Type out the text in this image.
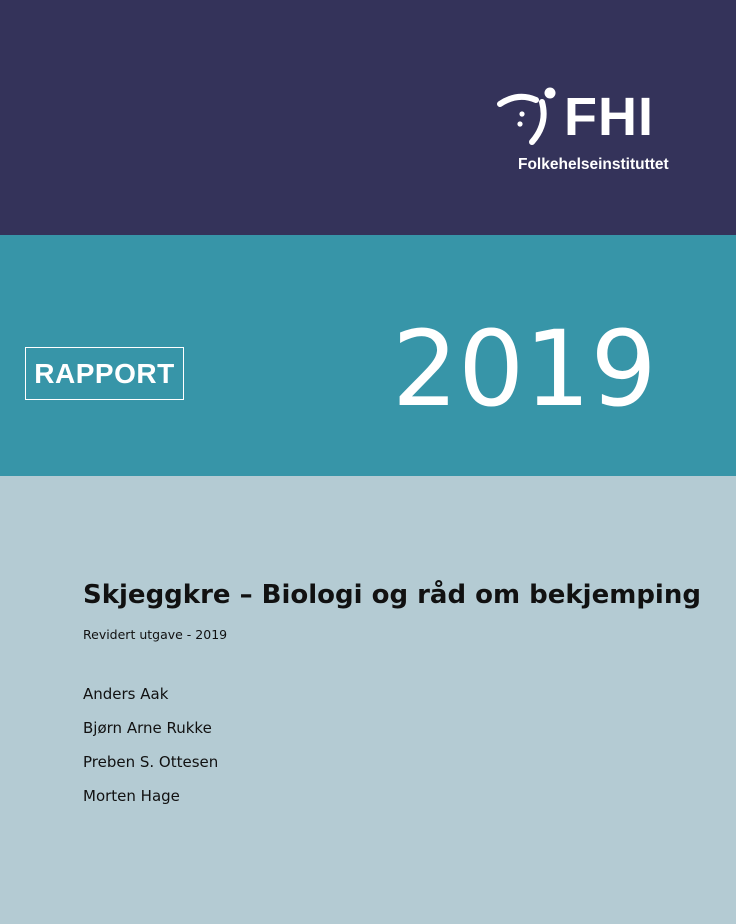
FHI
Folkehelseinstituttet
RAPPORT 2019
Skjeggkre – Biologi og råd om bekjemping
Revidert utgave - 2019
Anders Aak
Bjørn Arne Rukke
Preben S. Ottesen
Morten Hage
